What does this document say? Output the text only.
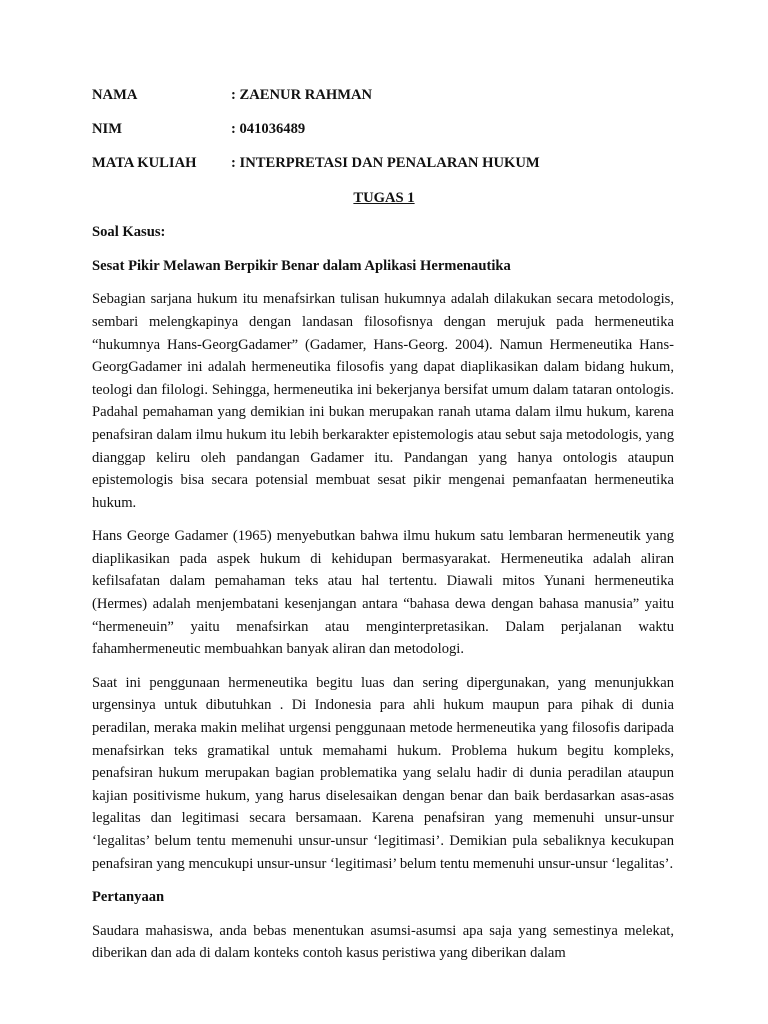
NAMA	: ZAENUR RAHMAN
NIM	: 041036489
MATA KULIAH	: INTERPRETASI DAN PENALARAN HUKUM
TUGAS 1
Soal Kasus:
Sesat Pikir Melawan Berpikir Benar dalam Aplikasi Hermenautika

Sebagian sarjana hukum itu menafsirkan tulisan hukumnya adalah dilakukan secara metodologis, sembari melengkapinya dengan landasan filosofisnya dengan merujuk pada hermeneutika “hukumnya Hans-GeorgGadamer” (Gadamer, Hans-Georg. 2004). Namun Hermeneutika Hans-GeorgGadamer ini adalah hermeneutika filosofis yang dapat diaplikasikan dalam bidang hukum, teologi dan filologi. Sehingga, hermeneutika ini bekerjanya bersifat umum dalam tataran ontologis. Padahal pemahaman yang demikian ini bukan merupakan ranah utama dalam ilmu hukum, karena penafsiran dalam ilmu hukum itu lebih berkarakter epistemologis atau sebut saja metodologis, yang dianggap keliru oleh pandangan Gadamer itu. Pandangan yang hanya ontologis ataupun epistemologis bisa secara potensial membuat sesat pikir mengenai pemanfaatan hermeneutika hukum.

Hans George Gadamer (1965) menyebutkan bahwa ilmu hukum satu lembaran hermeneutik yang diaplikasikan pada aspek hukum di kehidupan bermasyarakat. Hermeneutika adalah aliran kefilsafatan dalam pemahaman teks atau hal tertentu. Diawali mitos Yunani hermeneutika (Hermes) adalah menjembatani kesenjangan antara “bahasa dewa dengan bahasa manusia” yaitu “hermeneuin” yaitu menafsirkan atau menginterpretasikan. Dalam perjalanan waktu fahamhermeneutic membuahkan banyak aliran dan metodologi.

Saat ini penggunaan hermeneutika begitu luas dan sering dipergunakan, yang menunjukkan urgensinya untuk dibutuhkan . Di Indonesia para ahli hukum maupun para pihak di dunia peradilan, meraka makin melihat urgensi penggunaan metode hermeneutika yang filosofis daripada menafsirkan teks gramatikal untuk memahami hukum. Problema hukum begitu kompleks, penafsiran hukum merupakan bagian problematika yang selalu hadir di dunia peradilan ataupun kajian positivisme hukum, yang harus diselesaikan dengan benar dan baik berdasarkan asas-asas legalitas dan legitimasi secara bersamaan. Karena penafsiran yang memenuhi unsur-unsur ‘legalitas’ belum tentu memenuhi unsur-unsur ‘legitimasi’. Demikian pula sebaliknya kecukupan penafsiran yang mencukupi unsur-unsur ‘legitimasi’ belum tentu memenuhi unsur-unsur ‘legalitas’.

Pertanyaan

Saudara mahasiswa, anda bebas menentukan asumsi-asumsi apa saja yang semestinya melekat, diberikan dan ada di dalam konteks contoh kasus peristiwa yang diberikan dalam
